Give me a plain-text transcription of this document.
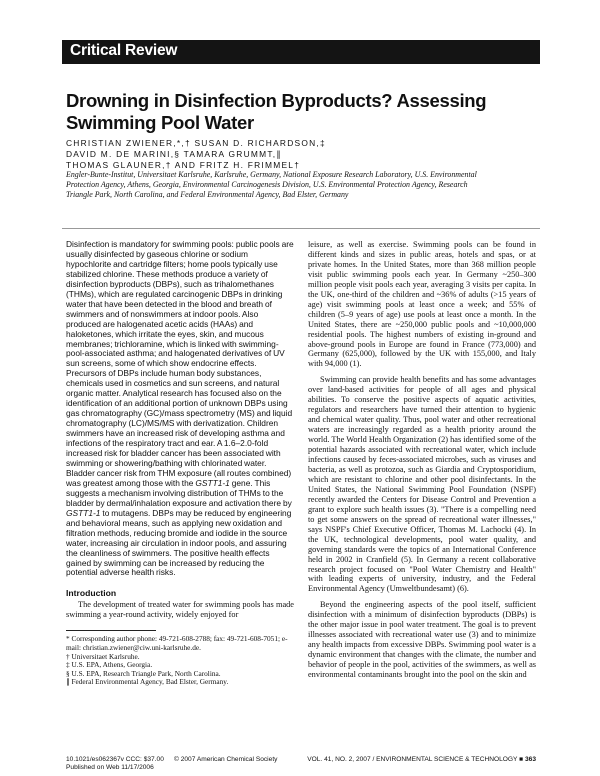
Critical Review
Drowning in Disinfection Byproducts? Assessing
Swimming Pool Water
CHRISTIAN ZWIENER,*,† SUSAN D. RICHARDSON,‡
DAVID M. DE MARINI,§ TAMARA GRUMMT,∥
THOMAS GLAUNER,† AND FRITZ H. FRIMMEL†
Engler-Bunte-Institut, Universitaet Karlsruhe, Karlsruhe, Germany, National Exposure Research Laboratory, U.S. Environmental Protection Agency, Athens, Georgia, Environmental Carcinogenesis Division, U.S. Environmental Protection Agency, Research Triangle Park, North Carolina, and Federal Environmental Agency, Bad Elster, Germany

Disinfection is mandatory for swimming pools: public pools are usually disinfected by gaseous chlorine or sodium hypochlorite and cartridge filters; home pools typically use stabilized chlorine. These methods produce a variety of disinfection byproducts (DBPs), such as trihalomethanes (THMs), which are regulated carcinogenic DBPs in drinking water that have been detected in the blood and breath of swimmers and of nonswimmers at indoor pools. Also produced are halogenated acetic acids (HAAs) and haloketones, which irritate the eyes, skin, and mucous membranes; trichloramine, which is linked with swimming-pool-associated asthma; and halogenated derivatives of UV sun screens, some of which show endocrine effects. Precursors of DBPs include human body substances, chemicals used in cosmetics and sun screens, and natural organic matter. Analytical research has focused also on the identification of an additional portion of unknown DBPs using gas chromatography (GC)/mass spectrometry (MS) and liquid chromatography (LC)/MS/MS with derivatization. Children swimmers have an increased risk of developing asthma and infections of the respiratory tract and ear. A 1.6–2.0-fold increased risk for bladder cancer has been associated with swimming or showering/bathing with chlorinated water. Bladder cancer risk from THM exposure (all routes combined) was greatest among those with the GSTT1-1 gene. This suggests a mechanism involving distribution of THMs to the bladder by dermal/inhalation exposure and activation there by GSTT1-1 to mutagens. DBPs may be reduced by engineering and behavioral means, such as applying new oxidation and filtration methods, reducing bromide and iodide in the source water, increasing air circulation in indoor pools, and assuring the cleanliness of swimmers. The positive health effects gained by swimming can be increased by reducing the potential adverse health risks.

Introduction

The development of treated water for swimming pools has made swimming a year-round activity, widely enjoyed for

* Corresponding author phone: 49-721-608-2788; fax: 49-721-608-7051; e-mail: christian.zwiener@ciw.uni-karlsruhe.de.

† Universitaet Karlsruhe.

‡ U.S. EPA, Athens, Georgia.

§ U.S. EPA, Research Triangle Park, North Carolina.

∥ Federal Environmental Agency, Bad Elster, Germany.

leisure, as well as exercise. Swimming pools can be found in different kinds and sizes in public areas, hotels and spas, or at private homes. In the United States, more than 368 million people visit public swimming pools each year. In Germany ~250–300 million people visit pools each year, averaging 3 visits per capita. In the UK, one-third of the children and ~36% of adults (>15 years of age) visit swimming pools at least once a week; and 55% of children (5–9 years of age) use pools at least once a month. In the United States, there are ~250,000 public pools and ~10,000,000 residential pools. The highest numbers of existing in-ground and above-ground pools in Europe are found in France (773,000) and Germany (625,000), followed by the UK with 155,000, and Italy with 94,000 (1).

Swimming can provide health benefits and has some advantages over land-based activities for people of all ages and physical abilities. To conserve the positive aspects of aquatic activities, regulators and researchers have turned their attention to hygienic and chemical water quality. Thus, pool water and other recreational waters are increasingly regarded as a health priority around the world. The World Health Organization (2) has identified some of the potential hazards associated with recreational water, which include infections caused by feces-associated microbes, such as viruses and bacteria, as well as protozoa, such as Giardia and Cryptosporidium, which are resistant to chlorine and other pool disinfectants. In the United States, the National Swimming Pool Foundation (NSPF) recently awarded the Centers for Disease Control and Prevention a grant to explore such health issues (3). "There is a compelling need to get some answers on the spread of recreational water illnesses," says NSPF's Chief Executive Officer, Thomas M. Lachocki (4). In the UK, technological developments, pool water quality, and governing standards were the topics of an International Conference held in 2002 in Cranfield (5). In Germany a recent collaborative research project focused on "Pool Water Chemistry and Health" with leading experts of university, industry, and the Federal Environmental Agency (Umweltbundesamt) (6).

Beyond the engineering aspects of the pool itself, sufficient disinfection with a minimum of disinfection byproducts (DBPs) is the other major issue in pool water treatment. The goal is to prevent illnesses associated with recreational water use (3) and to minimize any health impacts from excessive DBPs. Swimming pool water is a dynamic environment that changes with the climate, the number and behavior of people in the pool, activities of the swimmers, as well as environmental contaminants brought into the pool on the skin and

10.1021/es062367v CCC: $37.00
Published on Web 11/17/2006
© 2007 American Chemical Society	VOL. 41, NO. 2, 2007 / ENVIRONMENTAL SCIENCE & TECHNOLOGY ■ 363
